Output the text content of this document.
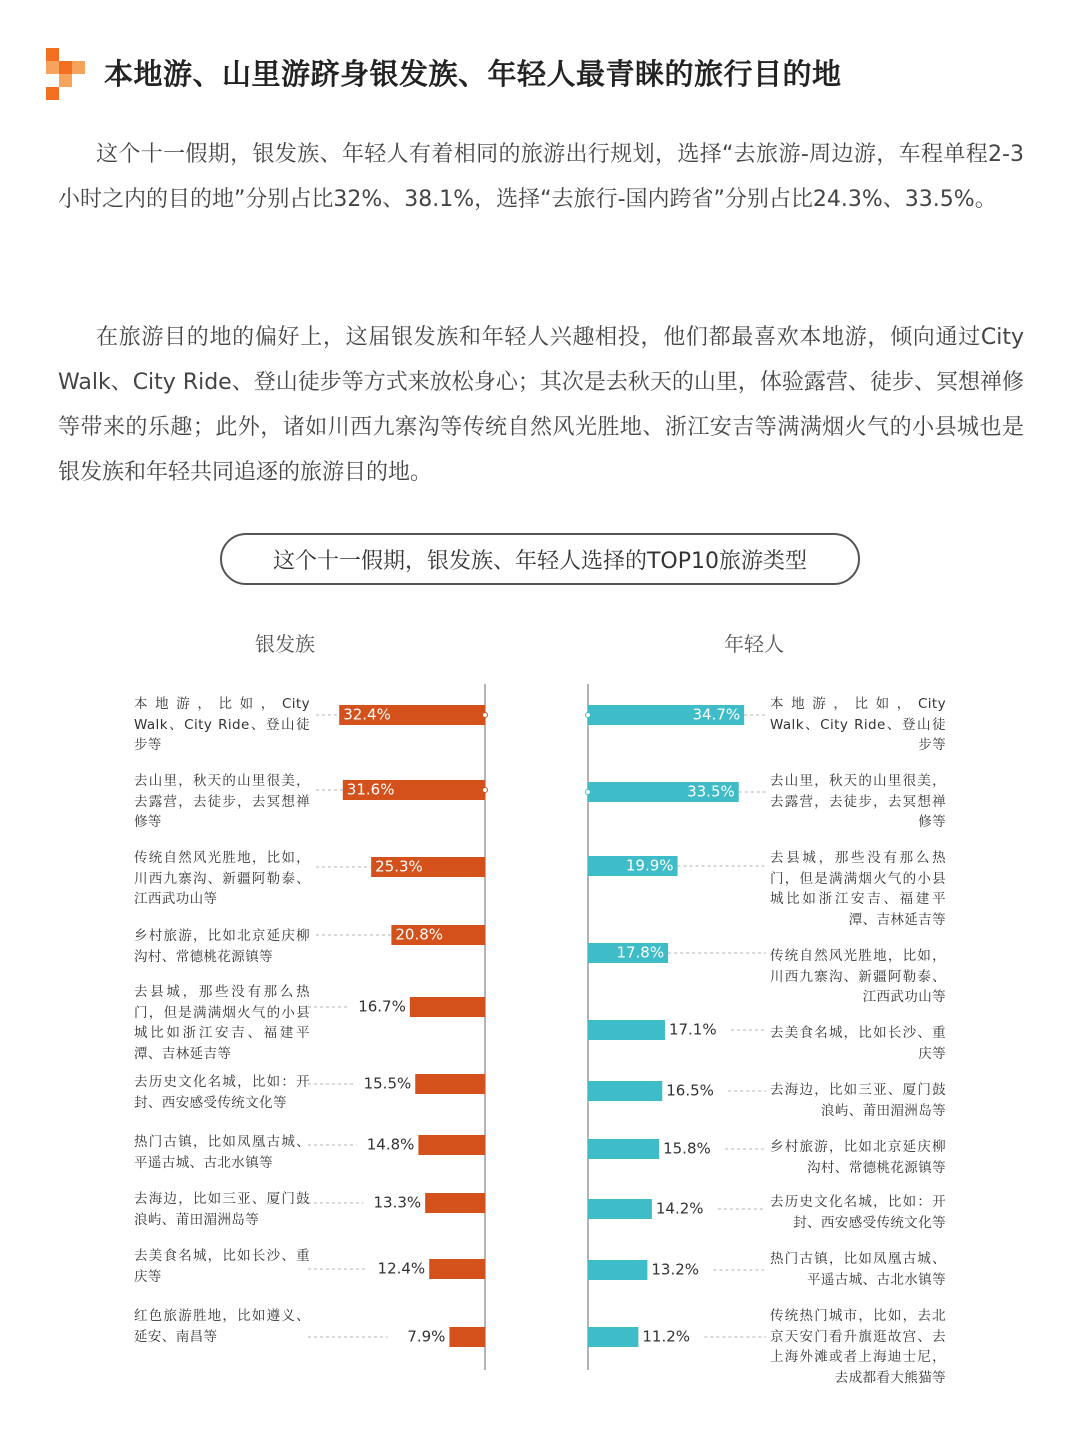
本地游、山里游跻身银发族、年轻人最青睐的旅行目的地

这个十一假期，银发族、年轻人有着相同的旅游出行规划，选择“去旅游-周边游，车程单程2-3小时之内的目的地”分别占比32%、38.1%，选择“去旅行-国内跨省”分别占比24.3%、33.5%。

在旅游目的地的偏好上，这届银发族和年轻人兴趣相投，他们都最喜欢本地游，倾向通过City Walk、City Ride、登山徒步等方式来放松身心；其次是去秋天的山里，体验露营、徒步、冥想禅修等带来的乐趣；此外，诸如川西九寨沟等传统自然风光胜地、浙江安吉等满满烟火气的小县城也是银发族和年轻共同追逐的旅游目的地。

这个十一假期，银发族、年轻人选择的TOP10旅游类型
银发族	年轻人
32.4%
31.6%
25.3%
20.8%
16.7%
15.5%
14.8%
13.3%
12.4%
7.9%
34.7%
33.5%
19.9%
17.8%
17.1%
16.5%
15.8%
14.2%
13.2%
11.2%
本地游，比如，City Walk、City Ride、登山徒步等
去山里，秋天的山里很美，去露营，去徒步，去冥想禅修等
传统自然风光胜地，比如，川西九寨沟、新疆阿勒泰、江西武功山等
乡村旅游，比如北京延庆柳沟村、常德桃花源镇等
去县城，那些没有那么热门，但是满满烟火气的小县城比如浙江安吉、福建平潭、吉林延吉等
去历史文化名城，比如：开封、西安感受传统文化等
热门古镇，比如凤凰古城、平遥古城、古北水镇等
去海边，比如三亚、厦门鼓浪屿、莆田湄洲岛等
去美食名城，比如长沙、重庆等
红色旅游胜地，比如遵义、延安、南昌等
本地游，比如，City Walk、City Ride、登山徒步等
去山里，秋天的山里很美，去露营，去徒步，去冥想禅修等
去县城，那些没有那么热门，但是满满烟火气的小县城比如浙江安吉、福建平潭、吉林延吉等
传统自然风光胜地，比如，川西九寨沟、新疆阿勒泰、江西武功山等
去美食名城，比如长沙、重庆等
去海边，比如三亚、厦门鼓浪屿、莆田湄洲岛等
乡村旅游，比如北京延庆柳沟村、常德桃花源镇等
去历史文化名城，比如：开封、西安感受传统文化等
热门古镇，比如凤凰古城、平遥古城、古北水镇等
传统热门城市，比如，去北京天安门看升旗逛故宫、去上海外滩或者上海迪士尼，去成都看大熊猫等
